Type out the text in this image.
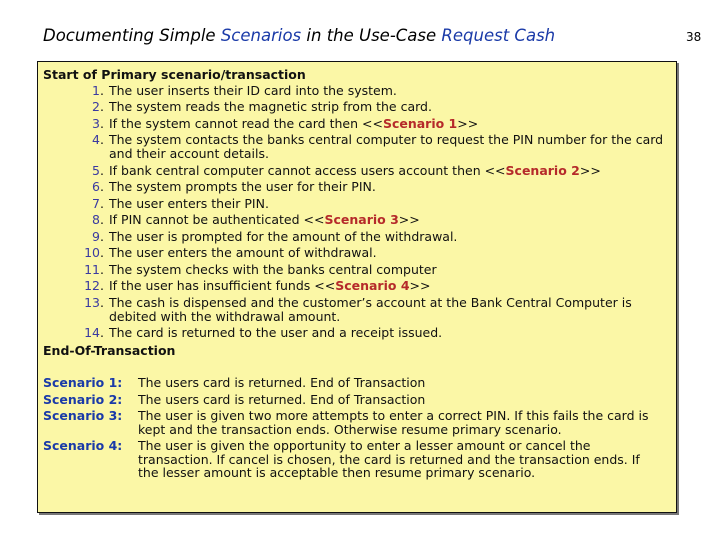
Documenting Simple Scenarios in the Use-Case Request Cash	38
Start of Primary scenario/transaction
1 . The user inserts their ID card into the system.
2 . The system reads the magnetic strip from the card.
3 . If the system cannot read the card then <<Scenario 1>>
4 . The system contacts the banks central computer to request the PIN number for the card and their account details.
5 . If bank central computer cannot access users account then <<Scenario 2>>
6 . The system prompts the user for their PIN.
7 . The user enters their PIN.
8 . If PIN cannot be authenticated <<Scenario 3>>
9 . The user is prompted for the amount of the withdrawal.
10 . The user enters the amount of withdrawal.
11 . The system checks with the banks central computer
12 . If the user has insufficient funds <<Scenario 4>>
13 . The cash is dispensed and the customer’s account at the Bank Central Computer is debited with the withdrawal amount.
14 . The card is returned to the user and a receipt issued.
End-Of-Transaction
Scenario 1:	The users card is returned. End of Transaction
Scenario 2:	The users card is returned. End of Transaction
Scenario 3:	The user is given two more attempts to enter a correct PIN. If this fails the card is kept and the transaction ends. Otherwise resume primary scenario.
Scenario 4:	The user is given the opportunity to enter a lesser amount or cancel the transaction. If cancel is chosen, the card is returned and the transaction ends. If the lesser amount is acceptable then resume primary scenario.
